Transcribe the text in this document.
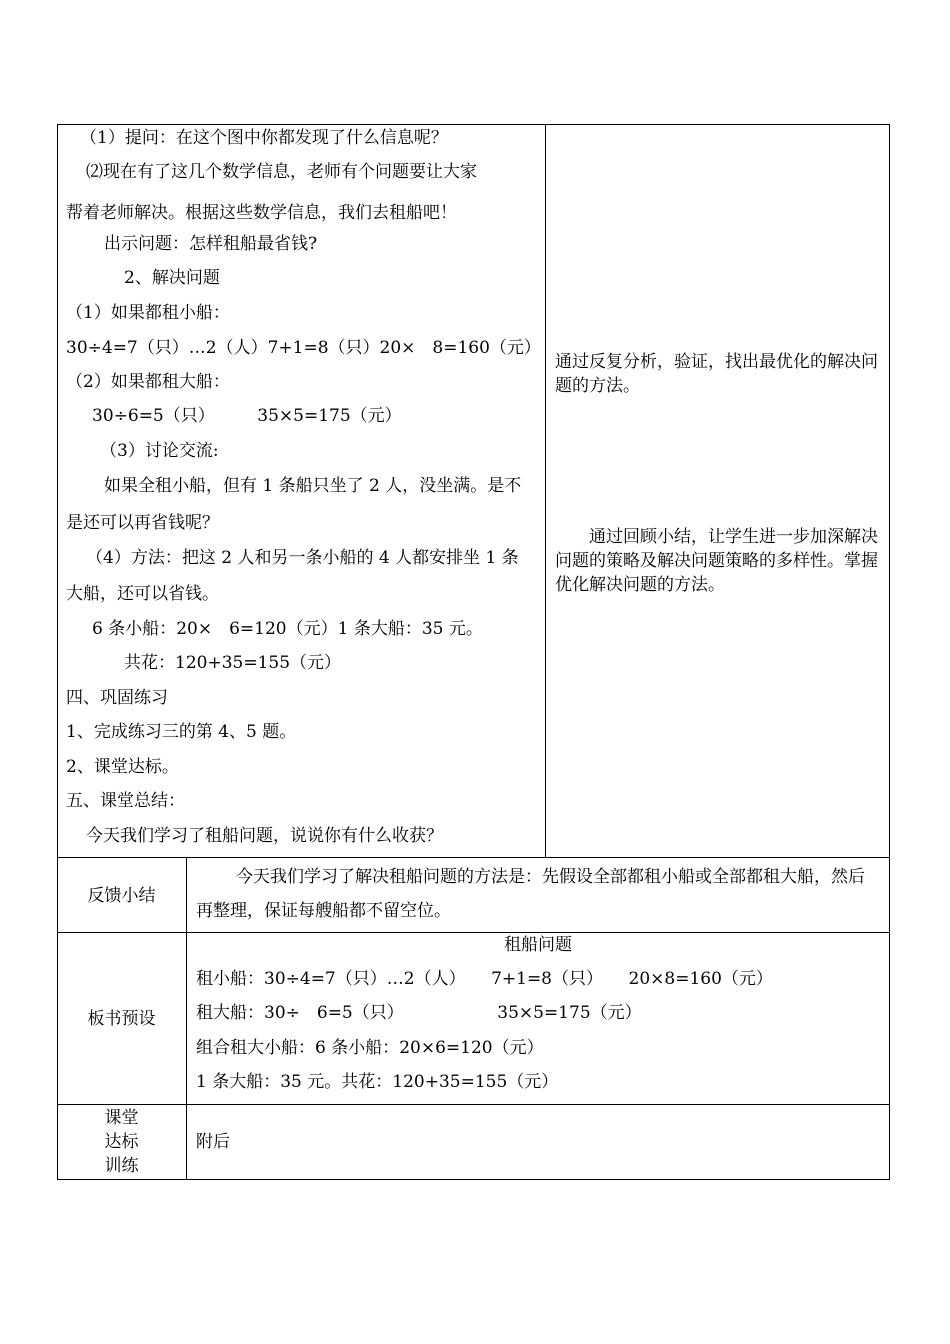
（1）提问：在这个图中你都发现了什么信息呢？
⑵现在有了这几个数学信息，老师有个问题要让大家
帮着老师解决。根据这些数学信息，我们去租船吧！
出示问题：怎样租船最省钱?
2、解决问题
（1）如果都租小船：
30÷4=7（只）…2（人）7+1=8（只）20×　8=160（元）
（2）如果都租大船：
30÷6=5（只）　　　35×5=175（元）
（3）讨论交流:
如果全租小船，但有 1 条船只坐了 2 人，没坐满。是不
是还可以再省钱呢？
（4）方法：把这 2 人和另一条小船的 4 人都安排坐 1 条
大船，还可以省钱。
6 条小船：20×　6=120（元）1 条大船：35 元。
共花：120+35=155（元）
四、巩固练习
1、完成练习三的第 4、5 题。
2、课堂达标。
五、课堂总结：
今天我们学习了租船问题，说说你有什么收获？
通过反复分析，验证，找出最优化的解决问题的方法。
通过回顾小结，让学生进一步加深解决问题的策略及解决问题策略的多样性。掌握优化解决问题的方法。
反馈小结
今天我们学习了解决租船问题的方法是：先假设全部都租小船或全部都租大船，然后再整理，保证每艘船都不留空位。
板书预设
租船问题
租小船：30÷4=7（只）…2（人）　　7+1=8（只）　　20×8=160（元）
租大船：30÷　6=5（只）　　　　　　35×5=175（元）
组合租大小船：6 条小船：20×6=120（元）
1 条大船：35 元。共花：120+35=155（元）
课堂
达标
训练
附后
